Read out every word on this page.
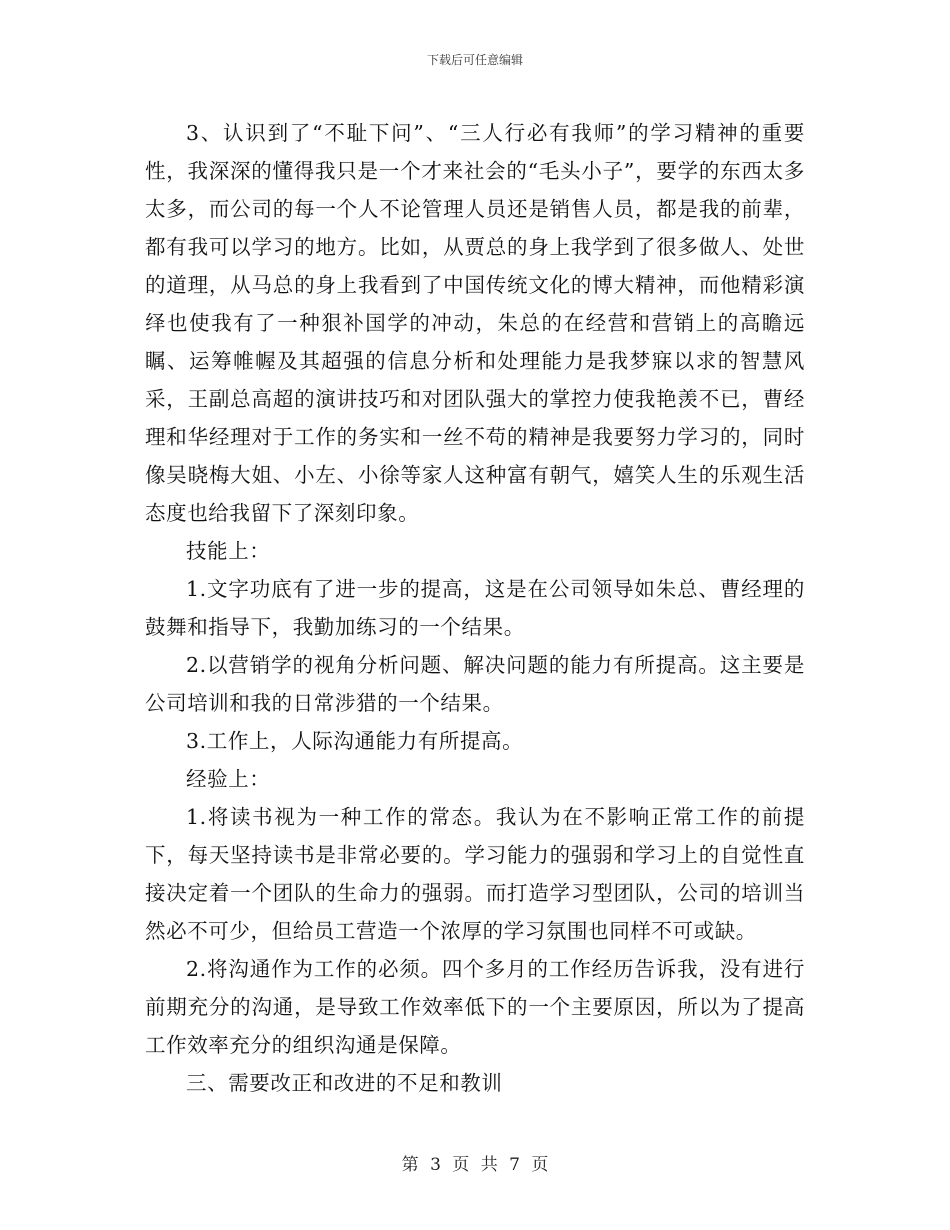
下载后可任意编辑

3、认识到了“不耻下问”、“三人行必有我师”的学习精神的重要性，我深深的懂得我只是一个才来社会的“毛头小子”，要学的东西太多太多，而公司的每一个人不论管理人员还是销售人员，都是我的前辈，都有我可以学习的地方。比如，从贾总的身上我学到了很多做人、处世的道理，从马总的身上我看到了中国传统文化的博大精神，而他精彩演绎也使我有了一种狠补国学的冲动，朱总的在经营和营销上的高瞻远瞩、运筹帷幄及其超强的信息分析和处理能力是我梦寐以求的智慧风采，王副总高超的演讲技巧和对团队强大的掌控力使我艳羡不已，曹经理和华经理对于工作的务实和一丝不苟的精神是我要努力学习的，同时像吴晓梅大姐、小左、小徐等家人这种富有朝气，嬉笑人生的乐观生活态度也给我留下了深刻印象。

技能上：

1.文字功底有了进一步的提高，这是在公司领导如朱总、曹经理的鼓舞和指导下，我勤加练习的一个结果。

2.以营销学的视角分析问题、解决问题的能力有所提高。这主要是公司培训和我的日常涉猎的一个结果。

3.工作上，人际沟通能力有所提高。

经验上：

1.将读书视为一种工作的常态。我认为在不影响正常工作的前提下，每天坚持读书是非常必要的。学习能力的强弱和学习上的自觉性直接决定着一个团队的生命力的强弱。而打造学习型团队，公司的培训当然必不可少，但给员工营造一个浓厚的学习氛围也同样不可或缺。

2.将沟通作为工作的必须。四个多月的工作经历告诉我，没有进行前期充分的沟通，是导致工作效率低下的一个主要原因，所以为了提高工作效率充分的组织沟通是保障。

三、需要改正和改进的不足和教训

第 3 页 共 7 页
